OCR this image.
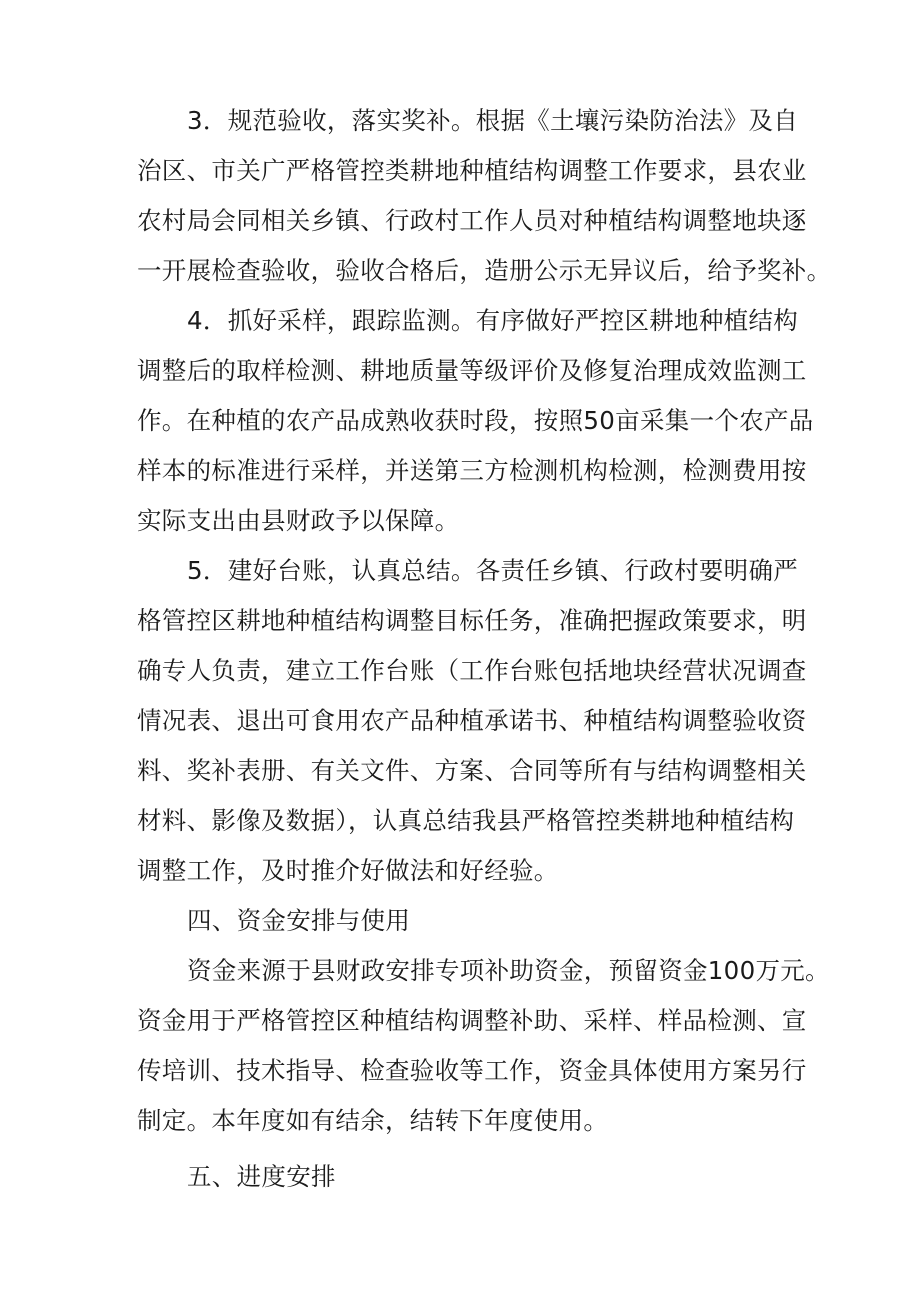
3．规范验收，落实奖补。根据《土壤污染防治法》及自
治区、市关广严格管控类耕地种植结构调整工作要求，县农业
农村局会同相关乡镇、行政村工作人员对种植结构调整地块逐
一开展检查验收，验收合格后，造册公示无异议后，给予奖补。
4．抓好采样，跟踪监测。有序做好严控区耕地种植结构
调整后的取样检测、耕地质量等级评价及修复治理成效监测工
作。在种植的农产品成熟收获时段，按照50亩采集一个农产品
样本的标准进行采样，并送第三方检测机构检测，检测费用按
实际支出由县财政予以保障。
5．建好台账，认真总结。各责任乡镇、行政村要明确严
格管控区耕地种植结构调整目标任务，准确把握政策要求，明
确专人负责，建立工作台账（工作台账包括地块经营状况调查
情况表、退出可食用农产品种植承诺书、种植结构调整验收资
料、奖补表册、有关文件、方案、合同等所有与结构调整相关
材料、影像及数据），认真总结我县严格管控类耕地种植结构
调整工作，及时推介好做法和好经验。
四、资金安排与使用
资金来源于县财政安排专项补助资金，预留资金100万元。
资金用于严格管控区种植结构调整补助、采样、样品检测、宣
传培训、技术指导、检查验收等工作，资金具体使用方案另行
制定。本年度如有结余，结转下年度使用。
五、进度安排
